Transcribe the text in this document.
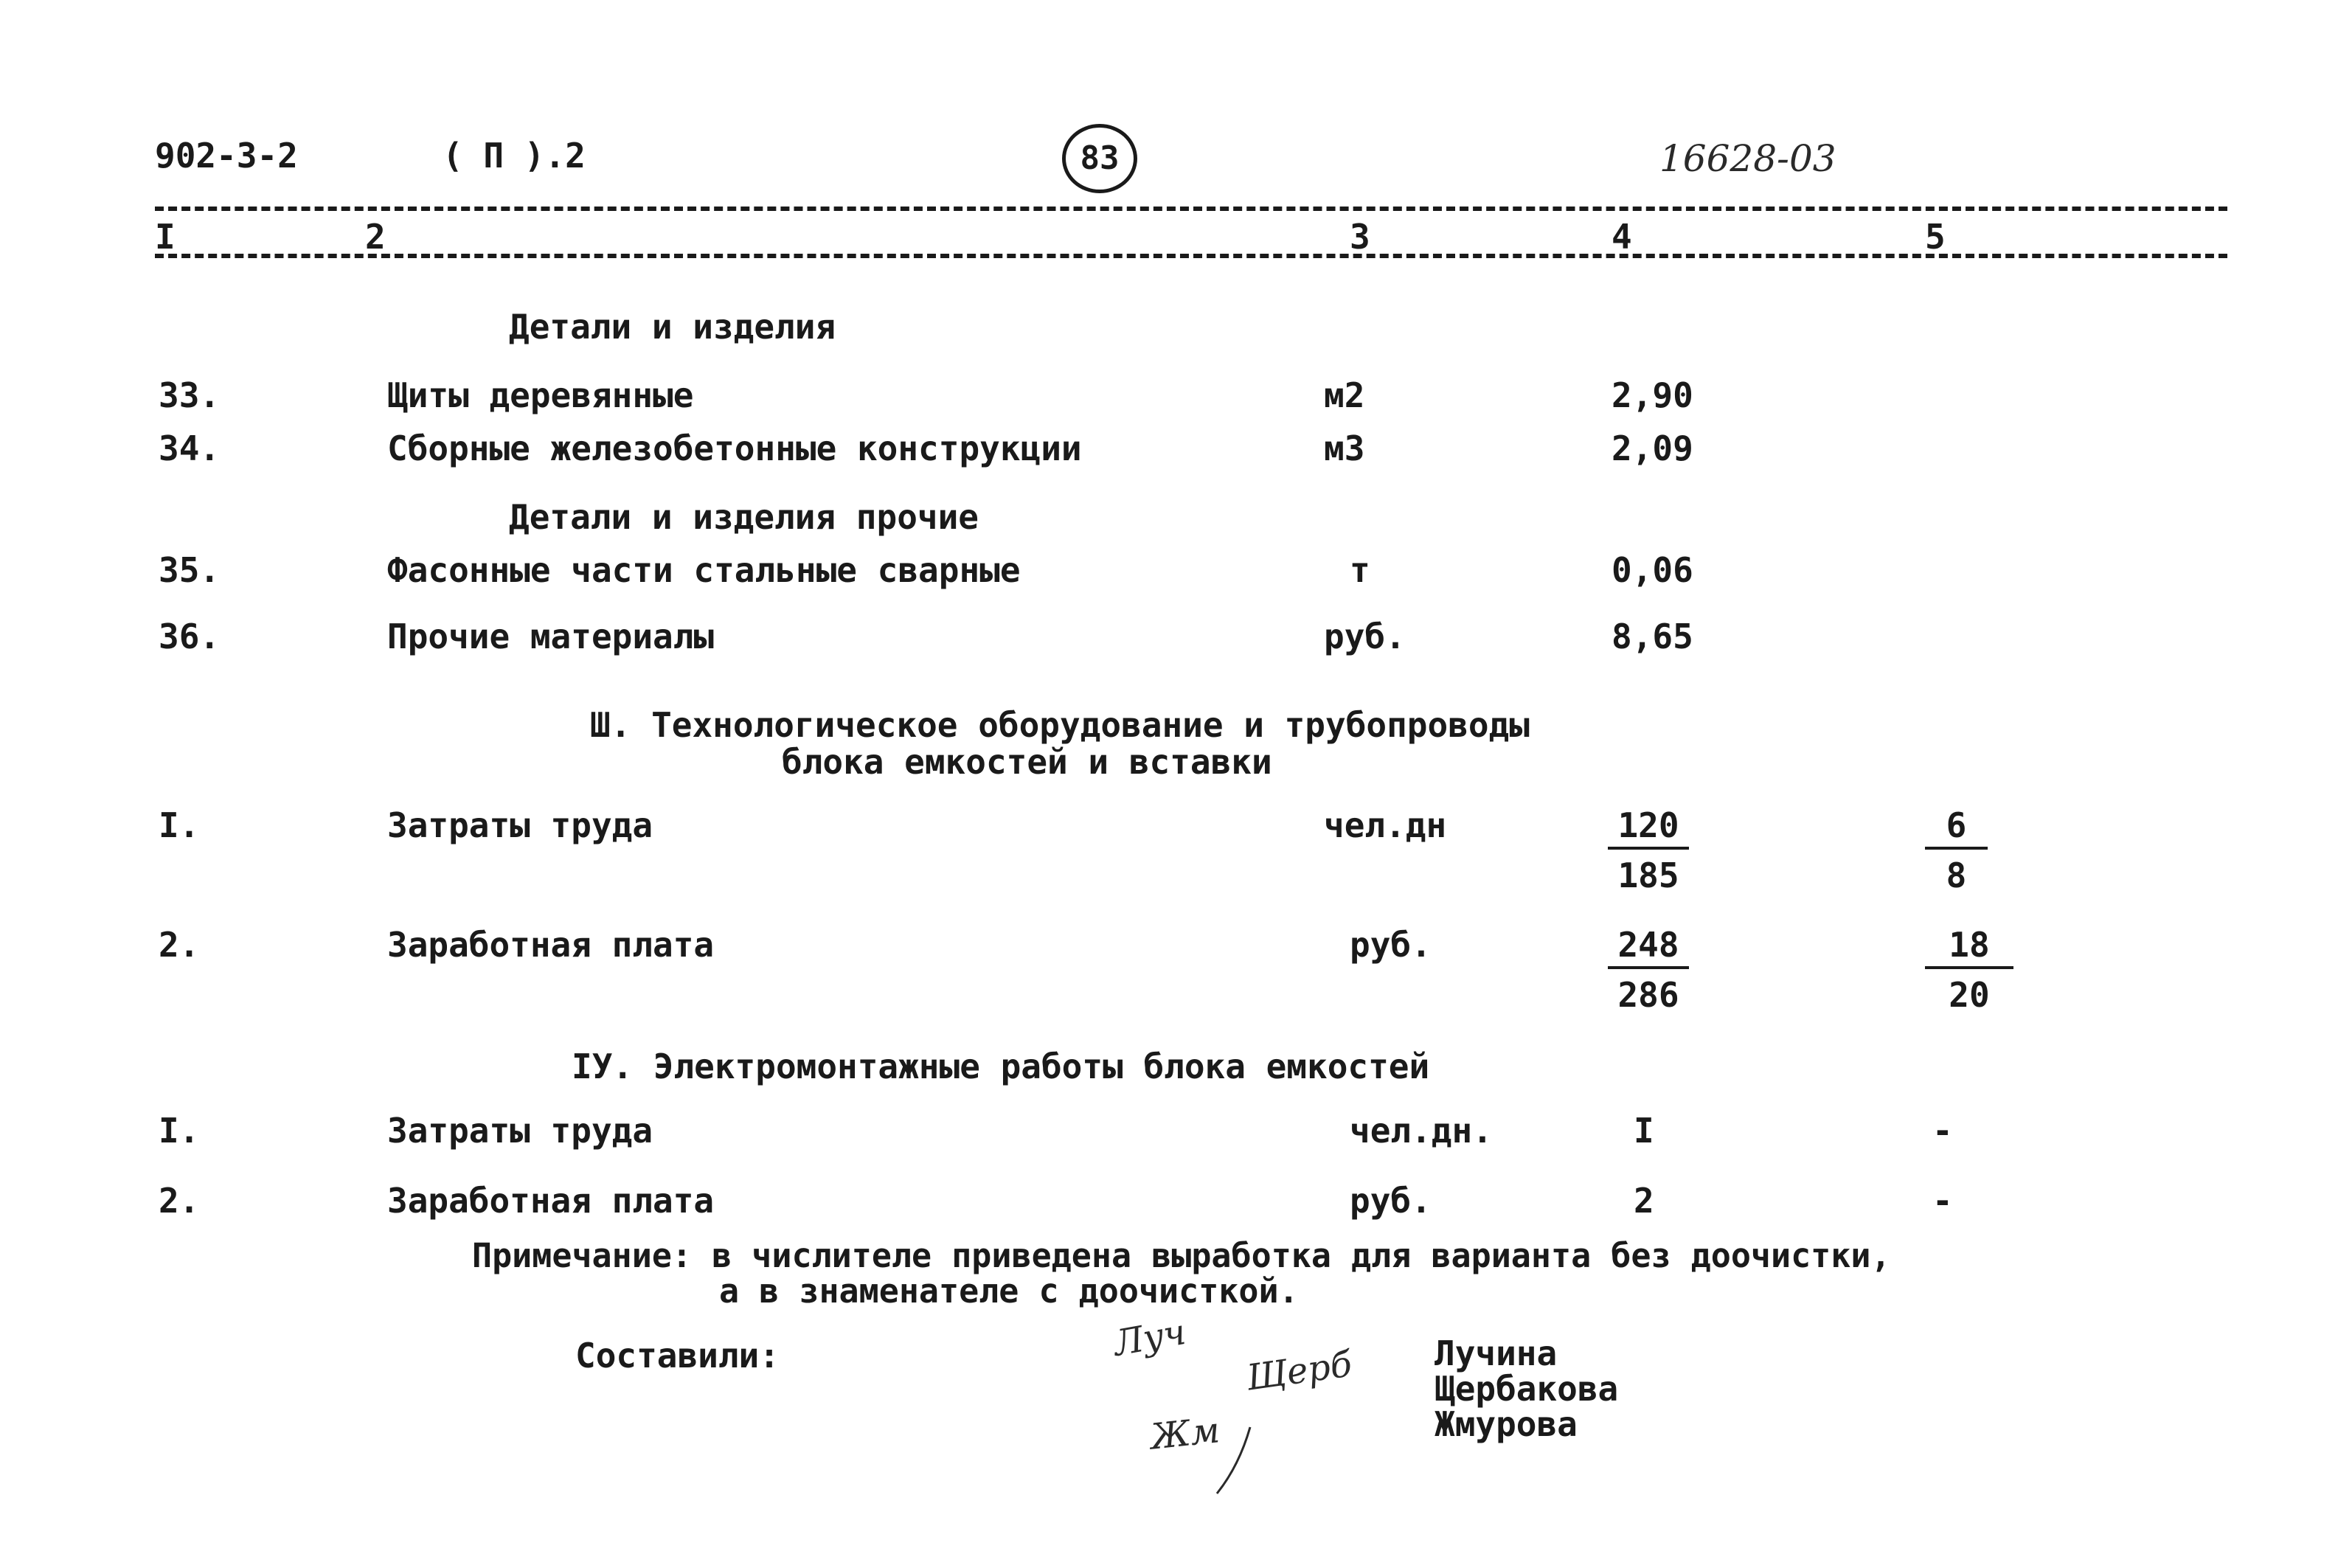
902-3-2	( П ).2	83	16628-03
I	2	3	4	5
Детали и изделия
33.	Щиты деревянные	м2	2,90
34.	Сборные железобетонные конструкции	м3	2,09
Детали и изделия прочие
35.	Фасонные части стальные сварные	т	0,06
36.	Прочие материалы	руб.	8,65
Ш. Технологическое оборудование и трубопроводы
блока емкостей и вставки
I.	Затраты труда	чел.дн	$\frac{120}{185}$	$\frac{6}{8}$
2.	Заработная плата	руб.	$\frac{248}{286}$	$\frac{18}{20}$
IУ. Электромонтажные работы блока емкостей
I.	Затраты труда	чел.дн.	I	-
2.	Заработная плата	руб.	2	-
Примечание: в числителе приведена выработка для варианта без доочистки,
а в знаменателе с доочисткой.
Составили:	Луч
Щерб
Жм
Лучина
Щербакова
Жмурова
